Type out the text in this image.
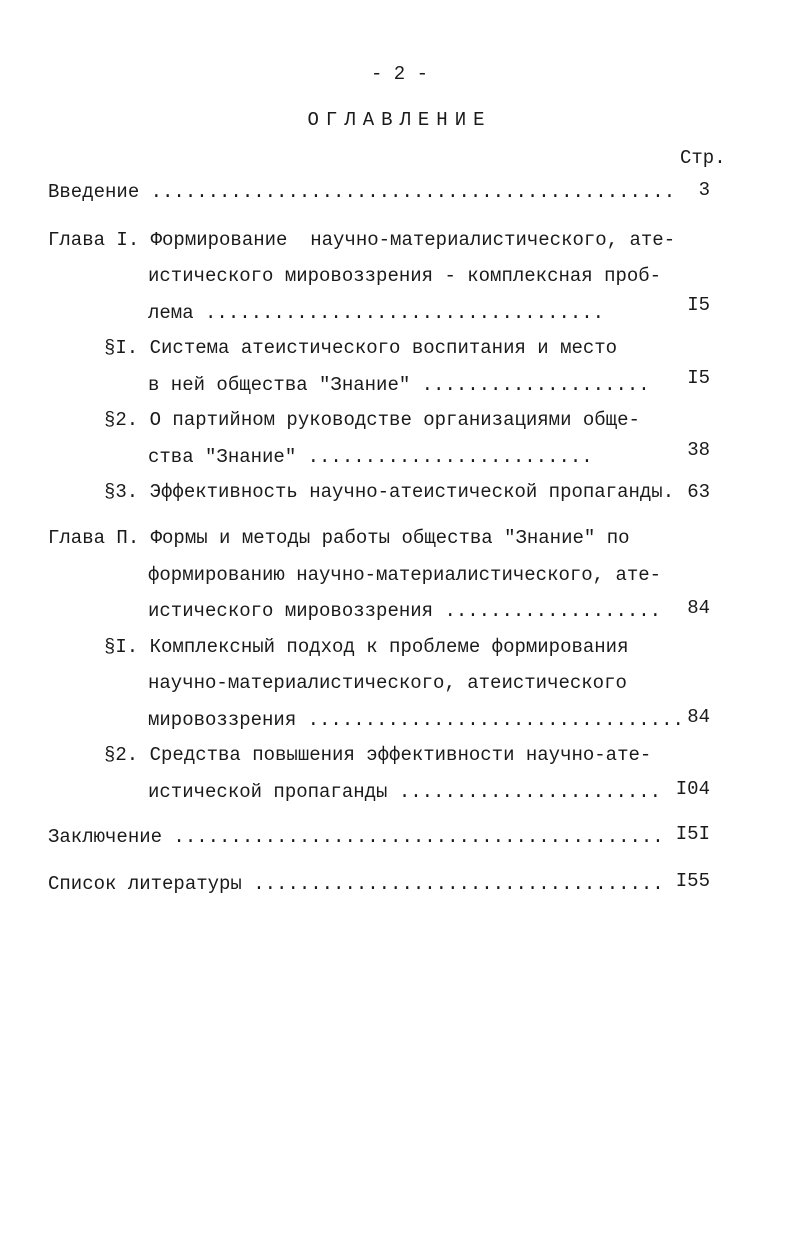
- 2 -
ОГЛАВЛЕНИЕ
Стр.
Введение ..............................................	3
Глава I. Формирование  научно-материалистического, ате-
истического мировоззрения - комплексная проб-
лема ...................................	I5
§I. Система атеистического воспитания и место
в ней общества "Знание" ....................	I5
§2. О партийном руководстве организациями обще-
ства "Знание" .........................	38
§3. Эффективность научно-атеистической пропаганды. 63
Глава П. Формы и методы работы общества "Знание" по
формированию научно-материалистического, ате-
истического мировоззрения ...................	84
§I. Комплексный подход к проблеме формирования
научно-материалистического, атеистического
мировоззрения ................................. 84
§2. Средства повышения эффективности научно-ате-
истической пропаганды ....................... I04
Заключение ........................................... I5I
Список литературы .................................... I55
